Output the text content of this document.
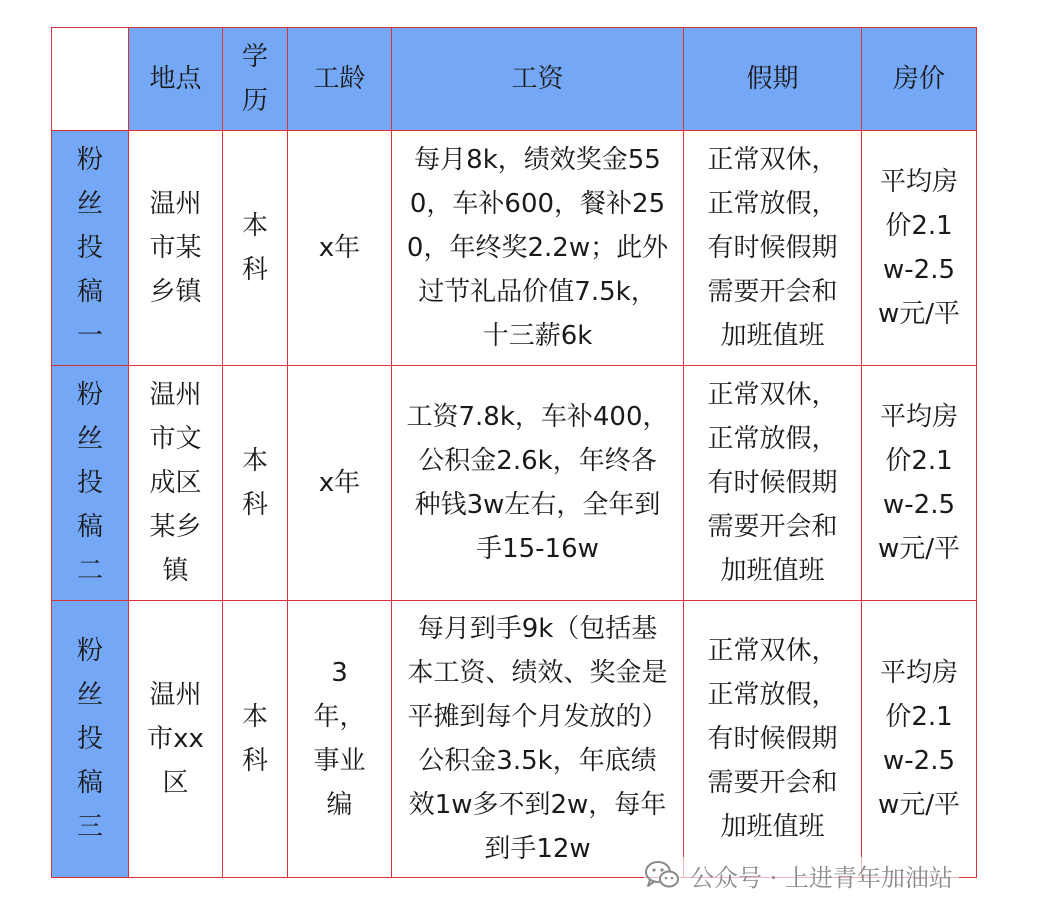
	地点	学历	工龄	工资	假期	房价
粉丝投稿一	温州市某乡镇	本科	x年	每月8k，绩效奖金550，车补600，餐补250，年终奖2.2w；此外过节礼品价值7.5k，十三薪6k	正常双休，正常放假，有时候假期需要开会和加班值班	平均房价2.1w-2.5w元/平
粉丝投稿二	温州市文成区某乡镇	本科	x年	工资7.8k，车补400，公积金2.6k，年终各种钱3w左右，全年到手15-16w	正常双休，正常放假，有时候假期需要开会和加班值班	平均房价2.1w-2.5w元/平
粉丝投稿三	温州市xx区	本科	3年，事业编	每月到手9k（包括基本工资、绩效、奖金是平摊到每个月发放的）公积金3.5k，年底绩效1w多不到2w，每年到手12w	正常双休，正常放假，有时候假期需要开会和加班值班	平均房价2.1w-2.5w元/平
公众号 · 上进青年加油站
